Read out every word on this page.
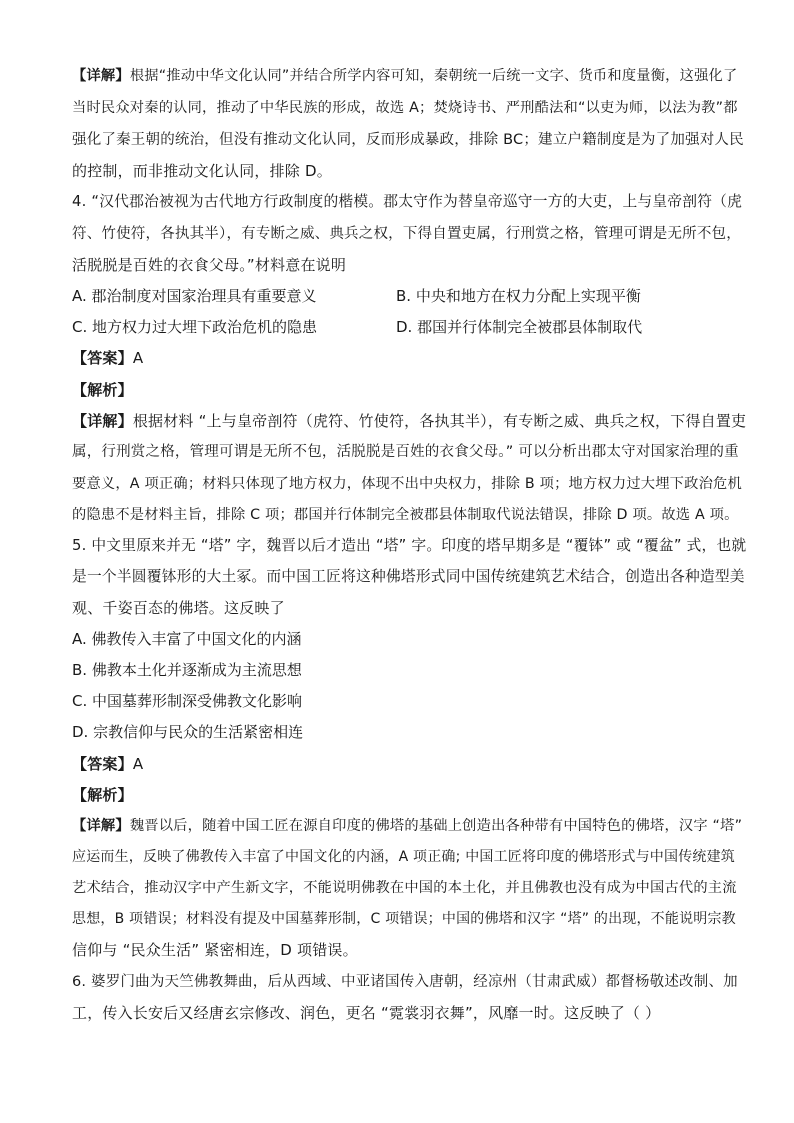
【详解】根据“推动中华文化认同”并结合所学内容可知，秦朝统一后统一文字、货币和度量衡，这强化了
当时民众对秦的认同，推动了中华民族的形成，故选 A；焚烧诗书、严刑酷法和“以吏为师，以法为教”都
强化了秦王朝的统治，但没有推动文化认同，反而形成暴政，排除 BC；建立户籍制度是为了加强对人民
的控制，而非推动文化认同，排除 D。
4. “汉代郡治被视为古代地方行政制度的楷模。郡太守作为替皇帝巡守一方的大吏，上与皇帝剖符（虎
符、竹使符，各执其半），有专断之威、典兵之权，下得自置吏属，行刑赏之格，管理可谓是无所不包，
活脱脱是百姓的衣食父母。”材料意在说明
A. 郡治制度对国家治理具有重要意义	B. 中央和地方在权力分配上实现平衡
C. 地方权力过大埋下政治危机的隐患	D. 郡国并行体制完全被郡县体制取代
【答案】A
【解析】
【详解】根据材料 “上与皇帝剖符（虎符、竹使符，各执其半），有专断之威、典兵之权，下得自置吏
属，行刑赏之格，管理可谓是无所不包，活脱脱是百姓的衣食父母。” 可以分析出郡太守对国家治理的重
要意义，A 项正确；材料只体现了地方权力，体现不出中央权力，排除 B 项；地方权力过大埋下政治危机
的隐患不是材料主旨，排除 C 项；郡国并行体制完全被郡县体制取代说法错误，排除 D 项。故选 A 项。
5. 中文里原来并无 “塔” 字，魏晋以后才造出 “塔” 字。印度的塔早期多是 “覆钵” 或 “覆盆” 式，也就
是一个半圆覆钵形的大土冢。而中国工匠将这种佛塔形式同中国传统建筑艺术结合，创造出各种造型美
观、千姿百态的佛塔。这反映了
A. 佛教传入丰富了中国文化的内涵
B. 佛教本土化并逐渐成为主流思想
C. 中国墓葬形制深受佛教文化影响
D. 宗教信仰与民众的生活紧密相连
【答案】A
【解析】
【详解】魏晋以后，随着中国工匠在源自印度的佛塔的基础上创造出各种带有中国特色的佛塔，汉字 “塔”
应运而生，反映了佛教传入丰富了中国文化的内涵，A 项正确; 中国工匠将印度的佛塔形式与中国传统建筑
艺术结合，推动汉字中产生新文字，不能说明佛教在中国的本土化，并且佛教也没有成为中国古代的主流
思想，B 项错误；材料没有提及中国墓葬形制，C 项错误；中国的佛塔和汉字 “塔” 的出现，不能说明宗教
信仰与 “民众生活” 紧密相连，D 项错误。
6. 婆罗门曲为天竺佛教舞曲，后从西域、中亚诸国传入唐朝，经凉州（甘肃武威）都督杨敬述改制、加
工，传入长安后又经唐玄宗修改、润色，更名 “霓裳羽衣舞”，风靡一时。这反映了（ ）
